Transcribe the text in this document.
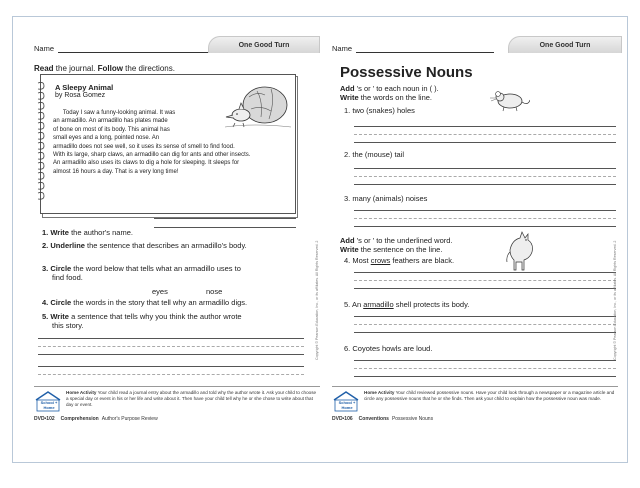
Name	One Good Turn
Read the journal. Follow the directions.
A Sleepy Animal
by Rosa Gomez
Today I saw a funny-looking animal. It was
an armadillo. An armadillo has plates made
of bone on most of its body. This animal has
small eyes and a long, pointed nose. An
armadillo does not see well, so it uses its sense of smell to find food.
With its large, sharp claws, an armadillo can dig for ants and other insects.
An armadillo also uses its claws to dig a hole for sleeping. It sleeps for
almost 16 hours a day. That is a very long time!
1. Write the author's name.
2. Underline the sentence that describes an armadillo's body.
3. Circle the word below that tells what an armadillo uses to
find food.
eyes	nose
4. Circle the words in the story that tell why an armadillo digs.
5. Write a sentence that tells why you think the author wrote
this story.	Copyright © Pearson Education, Inc., or its affiliates. All Rights Reserved. 2
School + Home
Home Activity Your child read a journal entry about the armadillo and told why the author wrote it. Ask your child to choose a special day or event in his or her life and write about it. Then have your child tell why he or she chose to write about that day or event.
DVD•102 Comprehension Author's Purpose Review
Name	One Good Turn
Possessive Nouns
Add 's or ' to each noun in ( ).
Write the words on the line.
1. two (snakes) holes
2. the (mouse) tail
3. many (animals) noises
Add 's or ' to the underlined word.
Write the sentence on the line.
4. Most crows feathers are black.
5. An armadillo shell protects its body.
6. Coyotes howls are loud.	Copyright © Pearson Education, Inc., or its affiliates. All Rights Reserved. 2
School + Home
Home Activity Your child reviewed possessive nouns. Have your child look through a newspaper or a magazine article and circle any possessive nouns that he or she finds. Then ask your child to explain how the possessive noun was made.
DVD•106 Conventions Possessive Nouns
